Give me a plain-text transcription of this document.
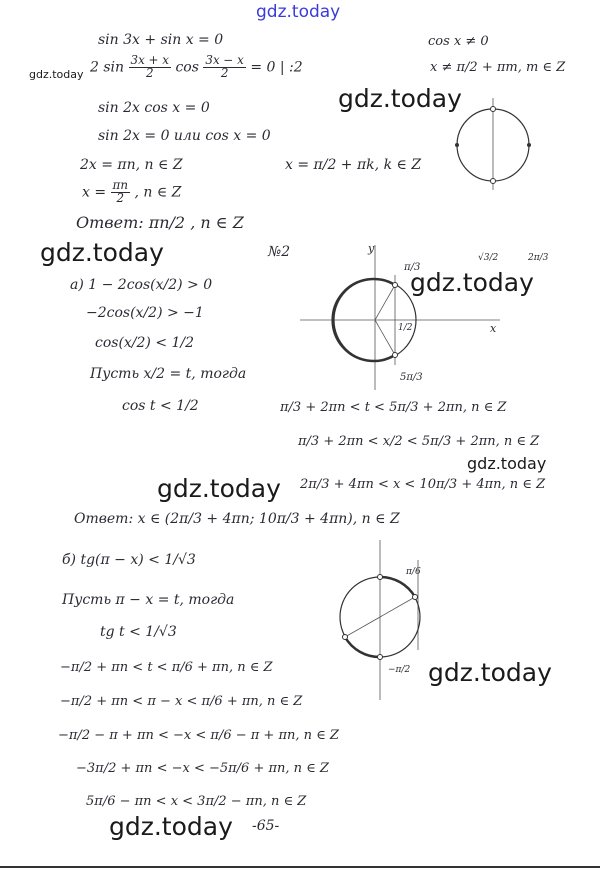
gdz.today
gdz.today
gdz.today
gdz.today
gdz.today
gdz.today
gdz.today
gdz.today
gdz.today
sin 3x + sin x = 0
2 $\sin \frac{3x + x}{2}$ $\cos \frac{3x - x}{2} = 0$ | :2
sin 2x cos x = 0
sin 2x = 0 или cos x = 0
2x = πn, n ∈ Z	x = π/2 + πk, k ∈ Z
$x = \frac{\pi n}{2}$ , n ∈ Z
Ответ: πn/2 , n ∈ Z
cos x ≠ 0
x ≠ π/2 + πm, m ∈ Z
№2
а) 1 − 2cos(x/2) > 0
−2cos(x/2) > −1
cos(x/2) < 1/2
Пусть x/2 = t, тогда
cos t < 1/2	π/3 + 2πn < t < 5π/3 + 2πn, n ∈ Z
π/3 + 2πn < x/2 < 5π/3 + 2πn, n ∈ Z
2π/3 + 4πn < x < 10π/3 + 4πn, n ∈ Z
Ответ: x ∈ (2π/3 + 4πn; 10π/3 + 4πn), n ∈ Z
y
x
π/3
5π/3
1/2
√3/2	2π/3
б) tg(π − x) < 1/√3
Пусть π − x = t, тогда
tg t < 1/√3
−π/2 + πn < t < π/6 + πn, n ∈ Z
−π/2 + πn < π − x < π/6 + πn, n ∈ Z
−π/2 − π + πn < −x < π/6 − π + πn, n ∈ Z
−3π/2 + πn < −x < −5π/6 + πn, n ∈ Z
5π/6 − πn < x < 3π/2 − πn, n ∈ Z
π/6
−π/2
-65-
